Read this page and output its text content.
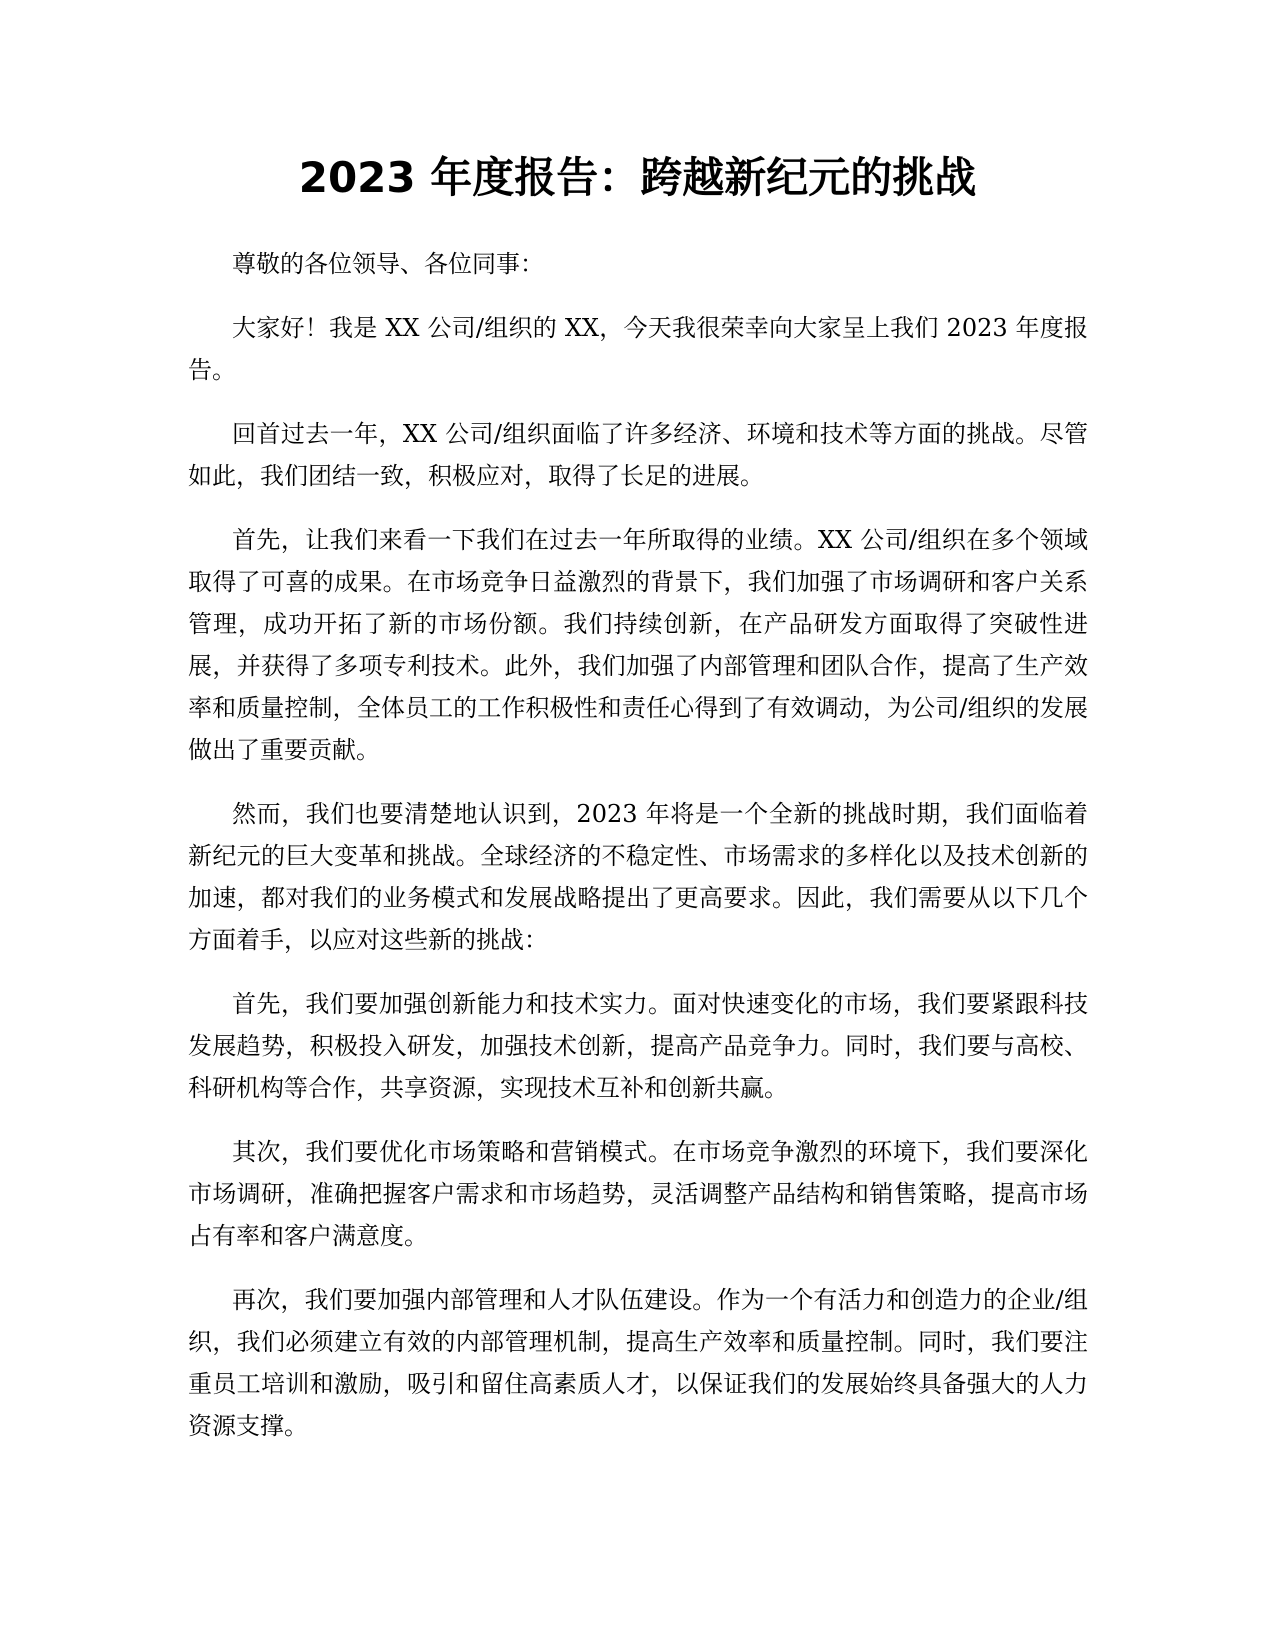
2023 年度报告：跨越新纪元的挑战

尊敬的各位领导、各位同事：

大家好！我是 XX 公司/组织的 XX，今天我很荣幸向大家呈上我们 2023 年度报告。

回首过去一年，XX 公司/组织面临了许多经济、环境和技术等方面的挑战。尽管如此，我们团结一致，积极应对，取得了长足的进展。

首先，让我们来看一下我们在过去一年所取得的业绩。XX 公司/组织在多个领域取得了可喜的成果。在市场竞争日益激烈的背景下，我们加强了市场调研和客户关系管理，成功开拓了新的市场份额。我们持续创新，在产品研发方面取得了突破性进展，并获得了多项专利技术。此外，我们加强了内部管理和团队合作，提高了生产效率和质量控制，全体员工的工作积极性和责任心得到了有效调动，为公司/组织的发展做出了重要贡献。

然而，我们也要清楚地认识到，2023 年将是一个全新的挑战时期，我们面临着新纪元的巨大变革和挑战。全球经济的不稳定性、市场需求的多样化以及技术创新的加速，都对我们的业务模式和发展战略提出了更高要求。因此，我们需要从以下几个方面着手，以应对这些新的挑战：

首先，我们要加强创新能力和技术实力。面对快速变化的市场，我们要紧跟科技发展趋势，积极投入研发，加强技术创新，提高产品竞争力。同时，我们要与高校、科研机构等合作，共享资源，实现技术互补和创新共赢。

其次，我们要优化市场策略和营销模式。在市场竞争激烈的环境下，我们要深化市场调研，准确把握客户需求和市场趋势，灵活调整产品结构和销售策略，提高市场占有率和客户满意度。

再次，我们要加强内部管理和人才队伍建设。作为一个有活力和创造力的企业/组织，我们必须建立有效的内部管理机制，提高生产效率和质量控制。同时，我们要注重员工培训和激励，吸引和留住高素质人才，以保证我们的发展始终具备强大的人力资源支撑。
